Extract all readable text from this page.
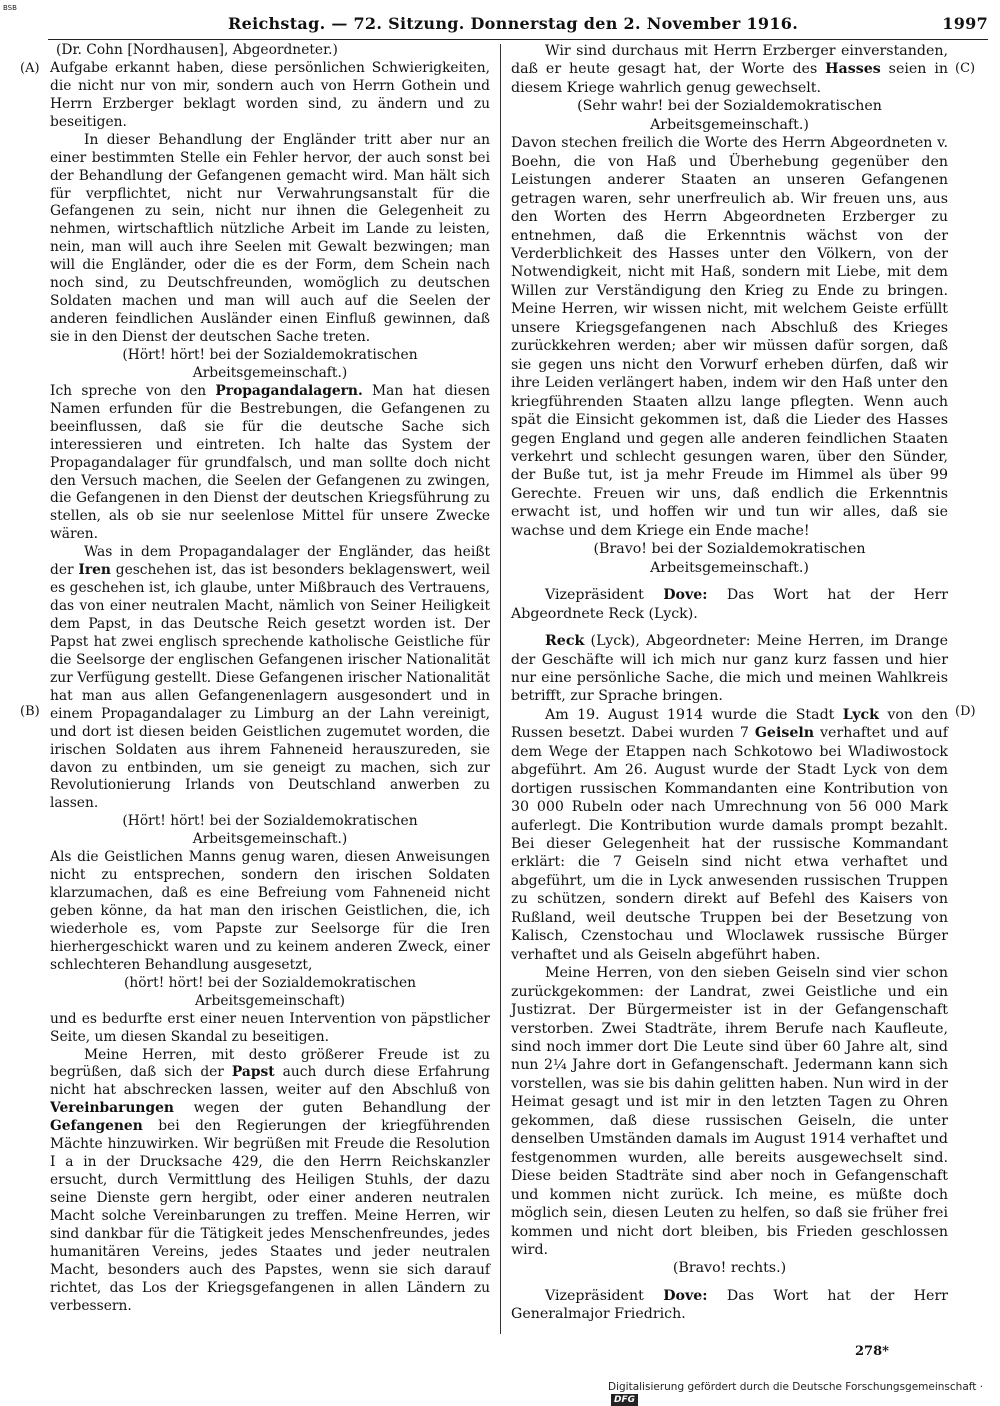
BSB
Reichstag. — 72. Sitzung. Donnerstag den 2. November 1916.	1997
(A)
(B)
(C)
(D)

(Dr. Cohn [Nordhausen], Abgeordneter.)

Aufgabe erkannt haben, diese persönlichen Schwierigkeiten, die nicht nur von mir, sondern auch von Herrn Gothein und Herrn Erzberger beklagt worden sind, zu ändern und zu beseitigen.

In dieser Behandlung der Engländer tritt aber nur an einer bestimmten Stelle ein Fehler hervor, der auch sonst bei der Behandlung der Gefangenen gemacht wird. Man hält sich für verpflichtet, nicht nur Verwahrungsanstalt für die Gefangenen zu sein, nicht nur ihnen die Gelegenheit zu nehmen, wirtschaftlich nützliche Arbeit im Lande zu leisten, nein, man will auch ihre Seelen mit Gewalt bezwingen; man will die Engländer, oder die es der Form, dem Schein nach noch sind, zu Deutschfreunden, womöglich zu deutschen Soldaten machen und man will auch auf die Seelen der anderen feindlichen Ausländer einen Einfluß gewinnen, daß sie in den Dienst der deutschen Sache treten.

(Hört! hört! bei der Sozialdemokratischen Arbeitsgemeinschaft.)

Ich spreche von den Propagandalagern. Man hat diesen Namen erfunden für die Bestrebungen, die Gefangenen zu beeinflussen, daß sie für die deutsche Sache sich interessieren und eintreten. Ich halte das System der Propagandalager für grundfalsch, und man sollte doch nicht den Versuch machen, die Seelen der Gefangenen zu zwingen, die Gefangenen in den Dienst der deutschen Kriegsführung zu stellen, als ob sie nur seelenlose Mittel für unsere Zwecke wären.

Was in dem Propagandalager der Engländer, das heißt der Iren geschehen ist, das ist besonders beklagenswert, weil es geschehen ist, ich glaube, unter Mißbrauch des Vertrauens, das von einer neutralen Macht, nämlich von Seiner Heiligkeit dem Papst, in das Deutsche Reich gesetzt worden ist. Der Papst hat zwei englisch sprechende katholische Geistliche für die Seelsorge der englischen Gefangenen irischer Nationalität zur Verfügung gestellt. Diese Gefangenen irischer Nationalität hat man aus allen Gefangenenlagern ausgesondert und in einem Propagandalager zu Limburg an der Lahn vereinigt, und dort ist diesen beiden Geistlichen zugemutet worden, die irischen Soldaten aus ihrem Fahneneid herauszureden, sie davon zu entbinden, um sie geneigt zu machen, sich zur Revolutionierung Irlands von Deutschland anwerben zu lassen.

(Hört! hört! bei der Sozialdemokratischen Arbeitsgemeinschaft.)

Als die Geistlichen Manns genug waren, diesen Anweisungen nicht zu entsprechen, sondern den irischen Soldaten klarzumachen, daß es eine Befreiung vom Fahneneid nicht geben könne, da hat man den irischen Geistlichen, die, ich wiederhole es, vom Papste zur Seelsorge für die Iren hierhergeschickt waren und zu keinem anderen Zweck, einer schlechteren Behandlung ausgesetzt,

(hört! hört! bei der Sozialdemokratischen Arbeitsgemeinschaft)

und es bedurfte erst einer neuen Intervention von päpstlicher Seite, um diesen Skandal zu beseitigen.

Meine Herren, mit desto größerer Freude ist zu begrüßen, daß sich der Papst auch durch diese Erfahrung nicht hat abschrecken lassen, weiter auf den Abschluß von Vereinbarungen wegen der guten Behandlung der Gefangenen bei den Regierungen der kriegführenden Mächte hinzuwirken. Wir begrüßen mit Freude die Resolution I a in der Drucksache 429, die den Herrn Reichskanzler ersucht, durch Vermittlung des Heiligen Stuhls, der dazu seine Dienste gern hergibt, oder einer anderen neutralen Macht solche Vereinbarungen zu treffen. Meine Herren, wir sind dankbar für die Tätigkeit jedes Menschenfreundes, jedes humanitären Vereins, jedes Staates und jeder neutralen Macht, besonders auch des Papstes, wenn sie sich darauf richtet, das Los der Kriegsgefangenen in allen Ländern zu verbessern.

Wir sind durchaus mit Herrn Erzberger einverstanden, daß er heute gesagt hat, der Worte des Hasses seien in diesem Kriege wahrlich genug gewechselt.

(Sehr wahr! bei der Sozialdemokratischen Arbeitsgemeinschaft.)

Davon stechen freilich die Worte des Herrn Abgeordneten v. Boehn, die von Haß und Überhebung gegenüber den Leistungen anderer Staaten an unseren Gefangenen getragen waren, sehr unerfreulich ab. Wir freuen uns, aus den Worten des Herrn Abgeordneten Erzberger zu entnehmen, daß die Erkenntnis wächst von der Verderblichkeit des Hasses unter den Völkern, von der Notwendigkeit, nicht mit Haß, sondern mit Liebe, mit dem Willen zur Verständigung den Krieg zu Ende zu bringen. Meine Herren, wir wissen nicht, mit welchem Geiste erfüllt unsere Kriegsgefangenen nach Abschluß des Krieges zurückkehren werden; aber wir müssen dafür sorgen, daß sie gegen uns nicht den Vorwurf erheben dürfen, daß wir ihre Leiden verlängert haben, indem wir den Haß unter den kriegführenden Staaten allzu lange pflegten. Wenn auch spät die Einsicht gekommen ist, daß die Lieder des Hasses gegen England und gegen alle anderen feindlichen Staaten verkehrt und schlecht gesungen waren, über den Sünder, der Buße tut, ist ja mehr Freude im Himmel als über 99 Gerechte. Freuen wir uns, daß endlich die Erkenntnis erwacht ist, und hoffen wir und tun wir alles, daß sie wachse und dem Kriege ein Ende mache!

(Bravo! bei der Sozialdemokratischen Arbeitsgemeinschaft.)

Vizepräsident Dove: Das Wort hat der Herr Abgeordnete Reck (Lyck).

Reck (Lyck), Abgeordneter: Meine Herren, im Drange der Geschäfte will ich mich nur ganz kurz fassen und hier nur eine persönliche Sache, die mich und meinen Wahlkreis betrifft, zur Sprache bringen.

Am 19. August 1914 wurde die Stadt Lyck von den Russen besetzt. Dabei wurden 7 Geiseln verhaftet und auf dem Wege der Etappen nach Schkotowo bei Wladiwostock abgeführt. Am 26. August wurde der Stadt Lyck von dem dortigen russischen Kommandanten eine Kontribution von 30 000 Rubeln oder nach Umrechnung von 56 000 Mark auferlegt. Die Kontribution wurde damals prompt bezahlt. Bei dieser Gelegenheit hat der russische Kommandant erklärt: die 7 Geiseln sind nicht etwa verhaftet und abgeführt, um die in Lyck anwesenden russischen Truppen zu schützen, sondern direkt auf Befehl des Kaisers von Rußland, weil deutsche Truppen bei der Besetzung von Kalisch, Czenstochau und Wloclawek russische Bürger verhaftet und als Geiseln abgeführt haben.

Meine Herren, von den sieben Geiseln sind vier schon zurückgekommen: der Landrat, zwei Geistliche und ein Justizrat. Der Bürgermeister ist in der Gefangenschaft verstorben. Zwei Stadträte, ihrem Berufe nach Kaufleute, sind noch immer dort Die Leute sind über 60 Jahre alt, sind nun 2¼ Jahre dort in Gefangenschaft. Jedermann kann sich vorstellen, was sie bis dahin gelitten haben. Nun wird in der Heimat gesagt und ist mir in den letzten Tagen zu Ohren gekommen, daß diese russischen Geiseln, die unter denselben Umständen damals im August 1914 verhaftet und festgenommen wurden, alle bereits ausgewechselt sind. Diese beiden Stadträte sind aber noch in Gefangenschaft und kommen nicht zurück. Ich meine, es müßte doch möglich sein, diesen Leuten zu helfen, so daß sie früher frei kommen und nicht dort bleiben, bis Frieden geschlossen wird.

(Bravo! rechts.)

Vizepräsident Dove: Das Wort hat der Herr Generalmajor Friedrich.

278*
Digitalisierung gefördert durch die Deutsche Forschungsgemeinschaft ·DFG
